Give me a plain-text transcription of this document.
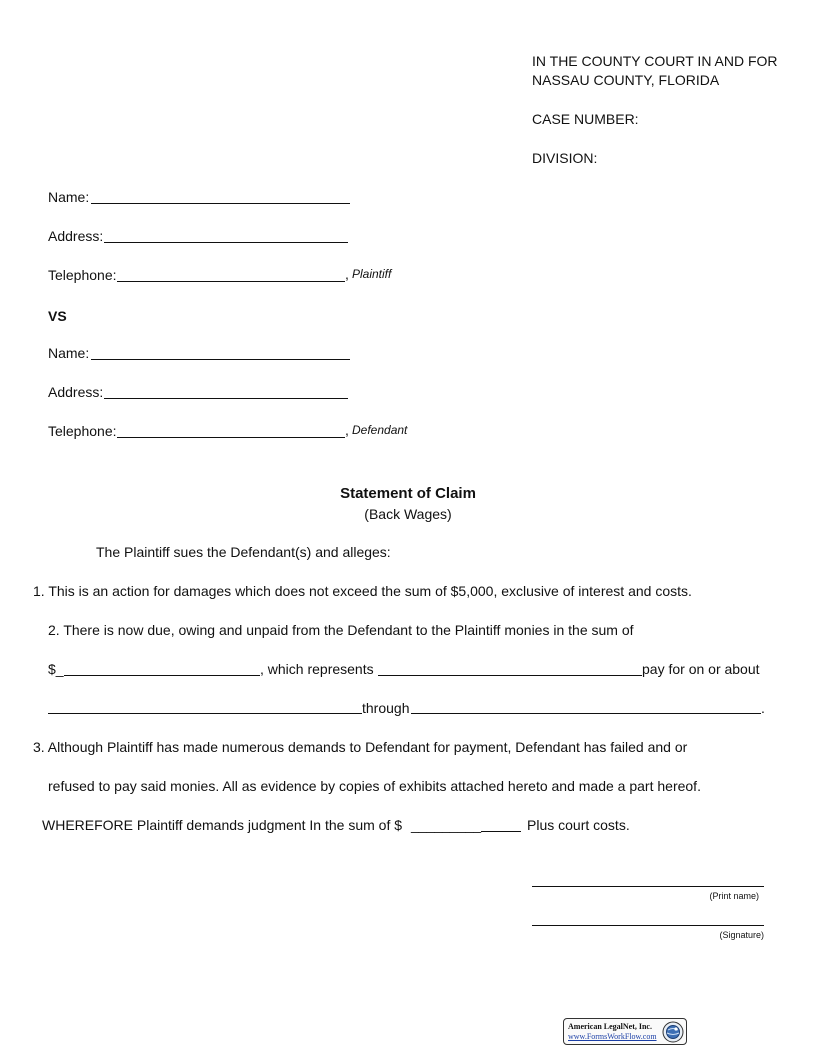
IN THE COUNTY COURT IN AND FOR
NASSAU COUNTY, FLORIDA
CASE NUMBER:
DIVISION:
Name:
Address:
Telephone:	, Plaintiff
VS
Name:
Address:
Telephone:	, Defendant
Statement of Claim
(Back Wages)
The Plaintiff sues the Defendant(s) and alleges:
1. This is an action for damages which does not exceed the sum of $5,000, exclusive of interest and costs.
2. There is now due, owing and unpaid from the Defendant to the Plaintiff monies in the sum of
$_	, which represents	pay for on or about
through	.
3. Although Plaintiff has made numerous demands to Defendant for payment, Defendant has failed and or
refused to pay said monies. All as evidence by copies of exhibits attached hereto and made a part hereof.
WHEREFORE Plaintiff demands judgment In the sum of $ _________	Plus court costs.
(Print name)
(Signature)
American LegalNet, Inc.
www.FormsWorkFlow.com
